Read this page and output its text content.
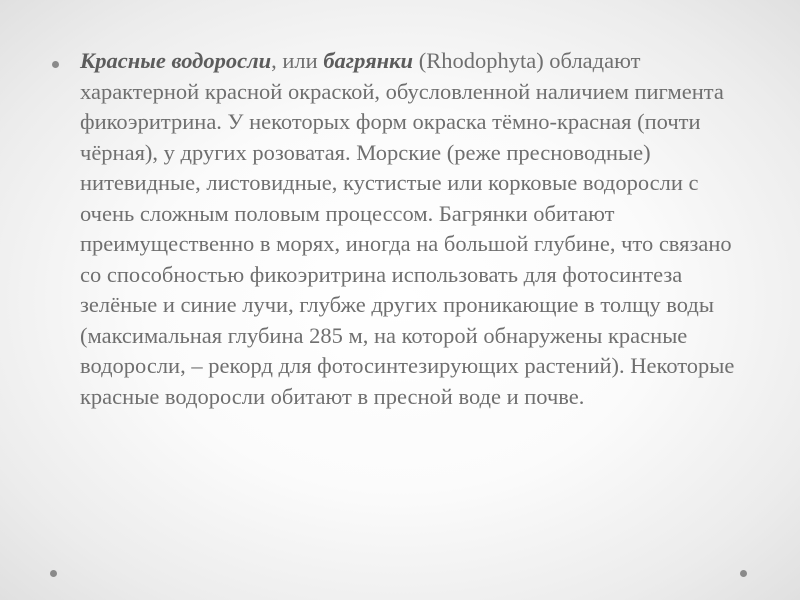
Красные водоросли, или багрянки (Rhodophyta) обладают характерной красной окраской, обусловленной наличием пигмента фикоэритрина. У некоторых форм окраска тёмно-красная (почти чёрная), у других розоватая. Морские (реже пресноводные) нитевидные, листовидные, кустистые или корковые водоросли с очень сложным половым процессом. Багрянки обитают преимущественно в морях, иногда на большой глубине, что связано со способностью фикоэритрина использовать для фотосинтеза зелёные и синие лучи, глубже других проникающие в толщу воды (максимальная глубина 285 м, на которой обнаружены красные водоросли, – рекорд для фотосинтезирующих растений). Некоторые красные водоросли обитают в пресной воде и почве.
